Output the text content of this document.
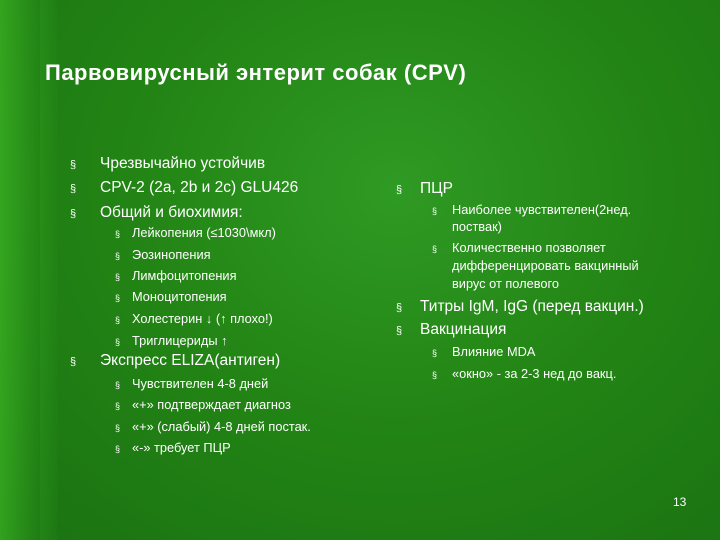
Парвовирусный энтерит собак (CPV)
§ Чрезвычайно устойчив
§ CPV-2 (2a, 2b и 2c) GLU426
§ Общий и биохимия:
§ Лейкопения (≤1030\мкл)
§ Эозинопения
§ Лимфоцитопения
§ Моноцитопения
§ Холестерин ↓ (↑ плохо!)
§ Триглицериды ↑
§ Экспресс ELIZA(антиген)
§ Чувствителен 4-8 дней
§ «+» подтверждает диагноз
§ «+» (слабый) 4-8 дней постак.
§ «-» требует ПЦР
§ ПЦР
§ Наиболее чувствителен(2нед.
поствак)
§ Количественно позволяет
дифференцировать вакцинный
вирус от полевого
§ Титры IgM, IgG (перед вакцин.)
§ Вакцинация
§ Влияние MDA
§ «окно» - за 2-3 нед до вакц.
13
